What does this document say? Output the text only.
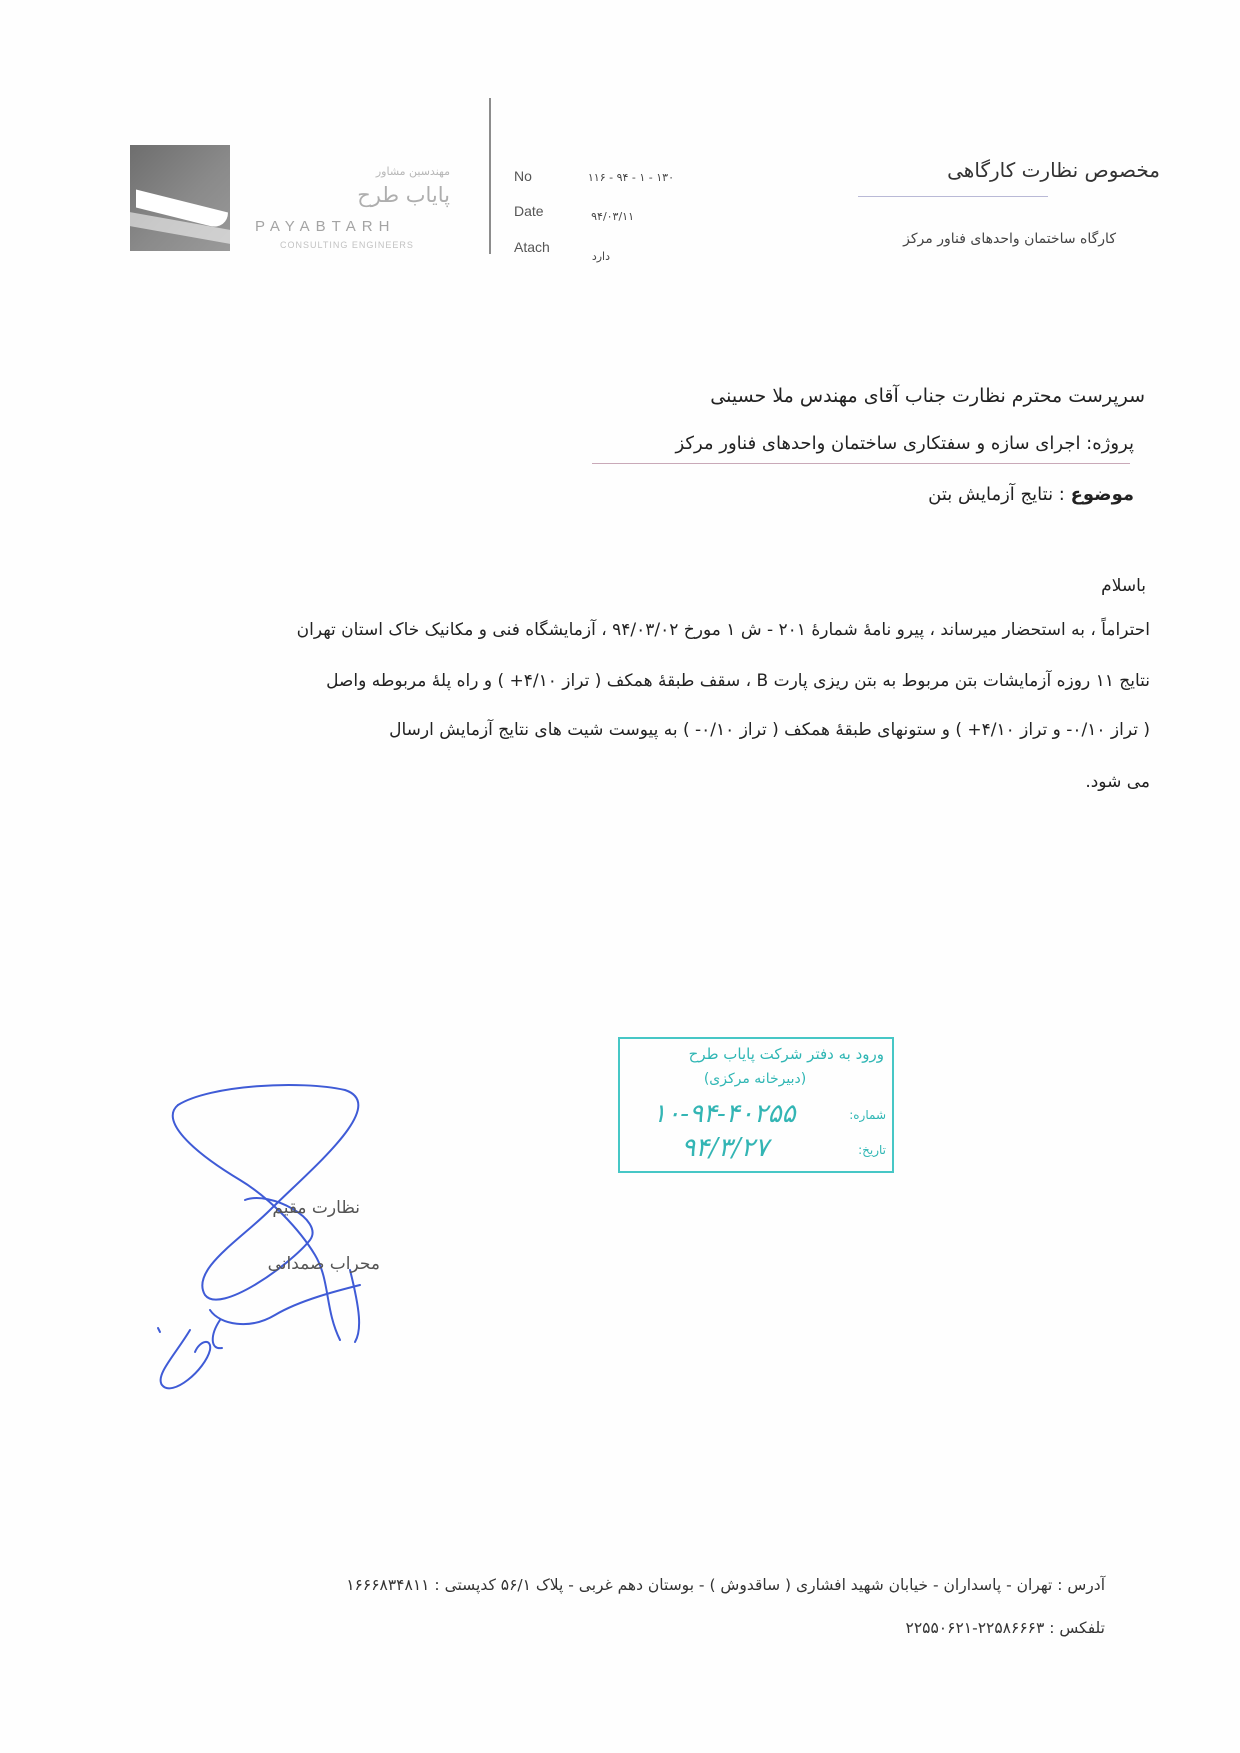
مهندسین مشاور
پایاب طرح
PAYABTARH
CONSULTING ENGINEERS
No	۱۳۰ - ۱ - ۹۴ - ۱۱۶
Date	۹۴/۰۳/۱۱
Atach
دارد
مخصوص نظارت کارگاهی
کارگاه ساختمان واحدهای فناور مرکز
سرپرست محترم نظارت جناب آقای مهندس ملا حسینی
پروژه: اجرای سازه و سفتکاری ساختمان واحدهای فناور مرکز
موضوع : نتایج آزمایش بتن
باسلام
احتراماً ، به استحضار میرساند ، پیرو نامۀ شمارۀ ۲۰۱ - ش ۱ مورخ ۹۴/۰۳/۰۲ ، آزمایشگاه فنی و مکانیک خاک استان تهران
نتایج ۱۱ روزه آزمایشات بتن مربوط به بتن ریزی پارت B ، سقف طبقۀ همکف ( تراز ۴/۱۰+ ) و راه پلۀ مربوطه واصل
( تراز ۰/۱۰- و تراز ۴/۱۰+ ) و ستونهای طبقۀ همکف ( تراز ۰/۱۰- ) به پیوست شیت های نتایج آزمایش ارسال
می شود.
ورود به دفتر شرکت پایاب طرح
(دبیرخانه مرکزی)
شماره:
۱۰-۹۴-۴۰۲۵۵
تاریخ:
۹۴/۳/۲۷
نظارت مقیم
محراب صمدانی
آدرس : تهران - پاسداران - خیابان شهید افشاری ( ساقدوش ) - بوستان دهم غربی - پلاک ۵۶/۱ کدپستی : ۱۶۶۶۸۳۴۸۱۱
تلفکس : ۲۲۵۸۶۶۶۳-۲۲۵۵۰۶۲۱
